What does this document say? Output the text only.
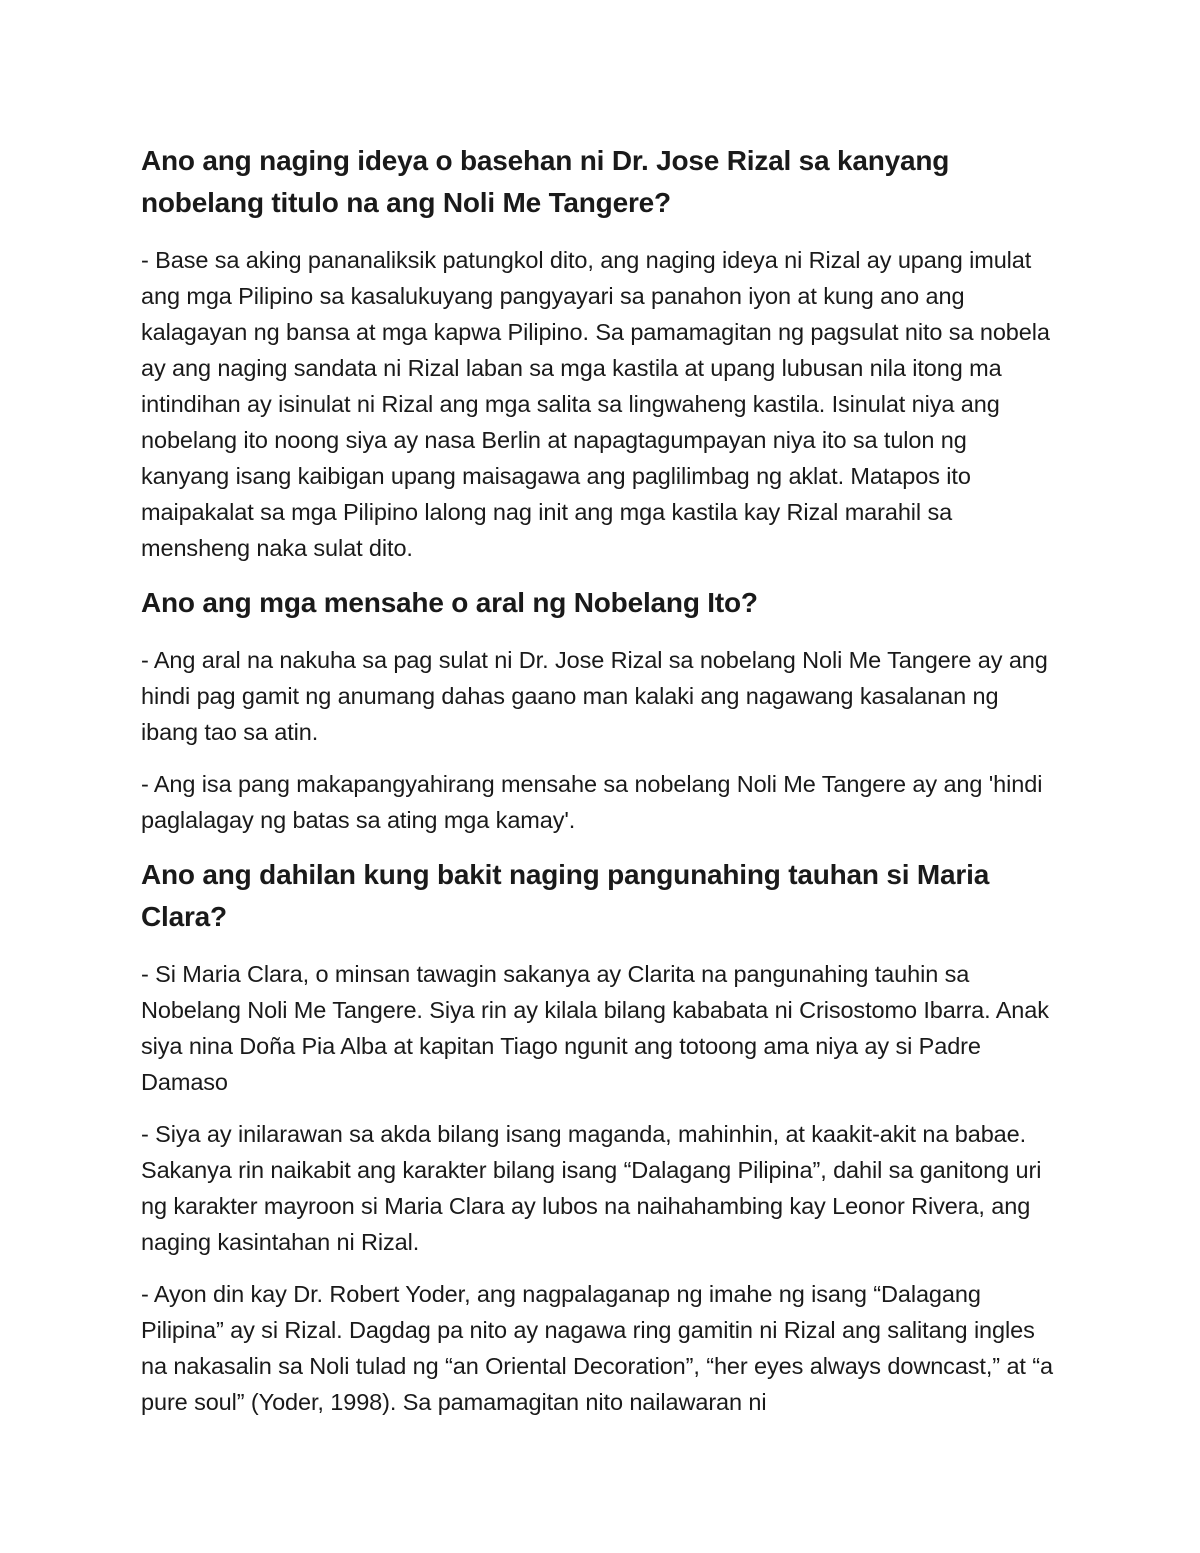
Ano ang naging ideya o basehan ni Dr. Jose Rizal sa kanyang nobelang titulo na ang Noli Me Tangere?

- Base sa aking pananaliksik patungkol dito, ang naging ideya ni Rizal ay upang imulat ang mga Pilipino sa kasalukuyang pangyayari sa panahon iyon at kung ano ang kalagayan ng bansa at mga kapwa Pilipino. Sa pamamagitan ng pagsulat nito sa nobela ay ang naging sandata ni Rizal laban sa mga kastila at upang lubusan nila itong ma intindihan ay isinulat ni Rizal ang mga salita sa lingwaheng kastila. Isinulat niya ang nobelang ito noong siya ay nasa Berlin at napagtagumpayan niya ito sa tulon ng kanyang isang kaibigan upang maisagawa ang paglilimbag ng aklat. Matapos ito maipakalat sa mga Pilipino lalong nag init ang mga kastila kay Rizal marahil sa mensheng naka sulat dito.

Ano ang mga mensahe o aral ng Nobelang Ito?

- Ang aral na nakuha sa pag sulat ni Dr. Jose Rizal sa nobelang Noli Me Tangere ay ang hindi pag gamit ng anumang dahas gaano man kalaki ang nagawang kasalanan ng ibang tao sa atin.

- Ang isa pang makapangyahirang mensahe sa nobelang Noli Me Tangere ay ang 'hindi paglalagay ng batas sa ating mga kamay'.

Ano ang dahilan kung bakit naging pangunahing tauhan si Maria Clara?

- Si Maria Clara, o minsan tawagin sakanya ay Clarita na pangunahing tauhin sa Nobelang Noli Me Tangere. Siya rin ay kilala bilang kababata ni Crisostomo Ibarra. Anak siya nina Doña Pia Alba at kapitan Tiago ngunit ang totoong ama niya ay si Padre Damaso

- Siya ay inilarawan sa akda bilang isang maganda, mahinhin, at kaakit-akit na babae. Sakanya rin naikabit ang karakter bilang isang “Dalagang Pilipina”, dahil sa ganitong uri ng karakter mayroon si Maria Clara ay lubos na naihahambing kay Leonor Rivera, ang naging kasintahan ni Rizal.

- Ayon din kay Dr. Robert Yoder, ang nagpalaganap ng imahe ng isang “Dalagang Pilipina” ay si Rizal. Dagdag pa nito ay nagawa ring gamitin ni Rizal ang salitang ingles na nakasalin sa Noli tulad ng “an Oriental Decoration”, “her eyes always downcast,” at “a pure soul” (Yoder, 1998). Sa pamamagitan nito nailawaran ni
